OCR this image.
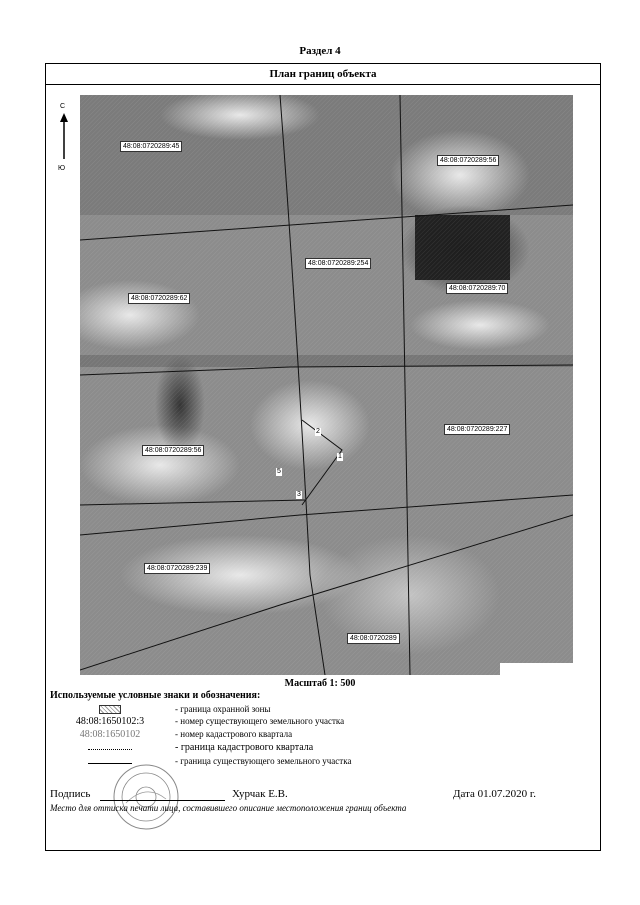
Раздел 4
План границ объекта
48:08:0720289:45
48:08:0720289:56
48:08:0720289:254
48:08:0720289:62
48:08:0720289:70
48:08:0720289:227
48:08:0720289:56
48:08:0720289:239
48:08:0720289
2
5
1
3
С
Ю
Масштаб 1: 500
Используемые условные знаки и обозначения:
- граница охранной зоны
48:08:1650102:3	- номер существующего земельного участка
48:08:1650102	- номер кадастрового квартала
- граница кадастрового квартала
- граница существующего земельного участка
Подпись	Хурчак Е.В.	Дата 01.07.2020 г.
Место для оттиска печати лица, составившего описание местоположения границ объекта
